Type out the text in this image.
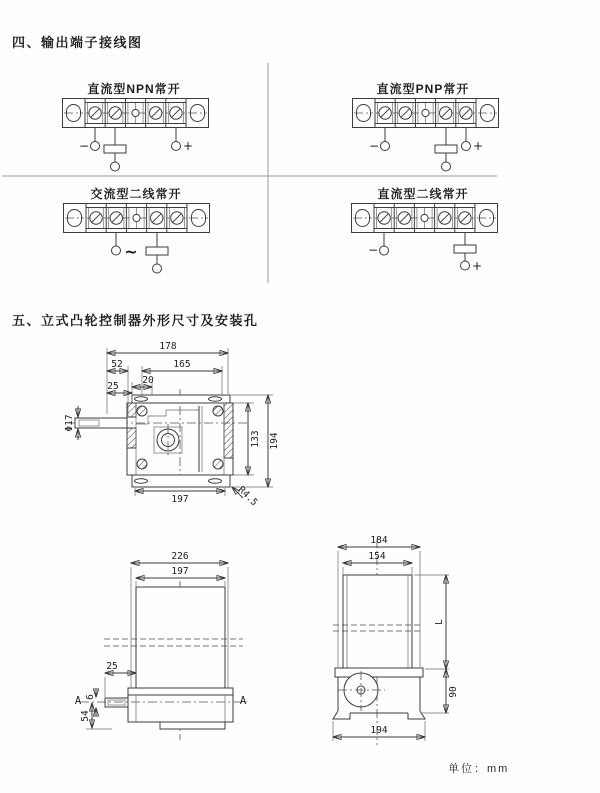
四、输出端子接线图
五、立式凸轮控制器外形尺寸及安装孔
单位：mm
直流型NPN常开
−	+
直流型PNP常开
−	+
交流型二线常开
~
直流型二线常开
−
+
178
52	165
20
25
Φ17
133 194
197	R4.5
A	A
226
197
25
6
54
184
154
L
90
194
